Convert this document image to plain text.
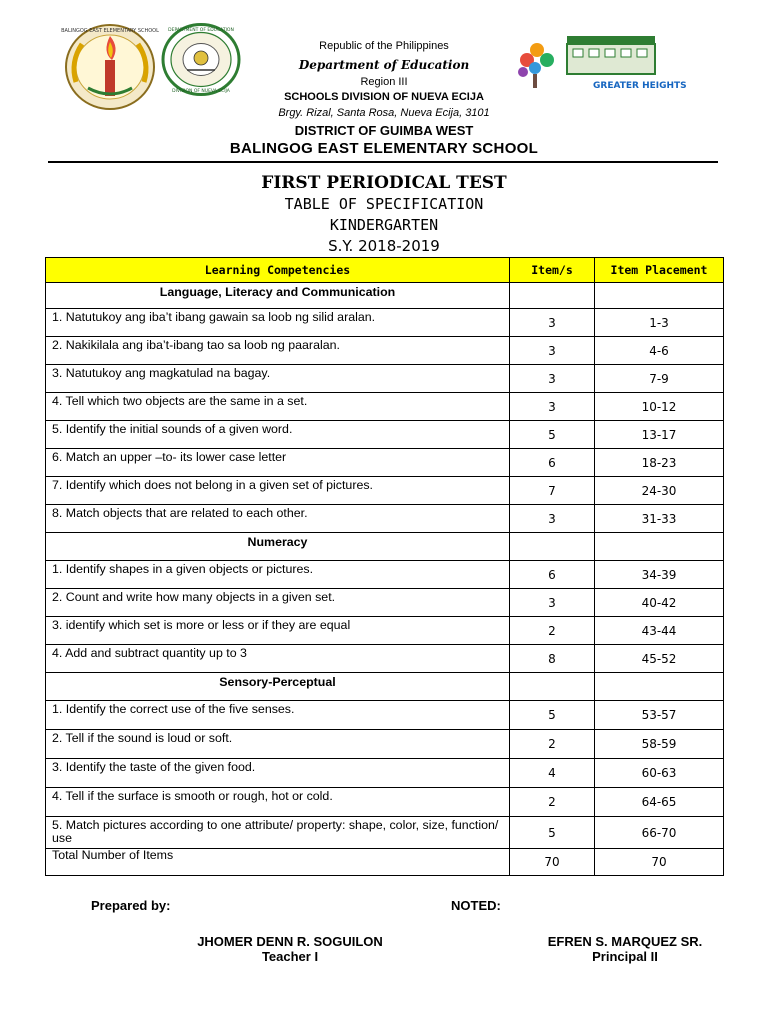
BALINGOG EAST ELEMENTARY SCHOOL DEPARTMENT OF EDUCATION
DIVISION OF NUEVA ECIJA
GREATER HEIGHTS
Republic of the Philippines
Department of Education
Region III
SCHOOLS DIVISION OF NUEVA ECIJA
Brgy. Rizal, Santa Rosa, Nueva Ecija, 3101
DISTRICT OF GUIMBA WEST
BALINGOG EAST ELEMENTARY SCHOOL
FIRST PERIODICAL TEST
TABLE OF SPECIFICATION
KINDERGARTEN
S.Y. 2018-2019
Learning Competencies	Item/s	Item Placement
Language, Literacy and Communication		
1. Natutukoy ang iba’t ibang gawain sa loob ng silid aralan.	3	1-3
2. Nakikilala ang iba’t-ibang tao sa loob ng paaralan.	3	4-6
3. Natutukoy ang magkatulad na bagay.	3	7-9
4. Tell which two objects are the same in a set.	3	10-12
5. Identify the initial sounds of a given word.	5	13-17
6. Match an upper –to- its lower case letter	6	18-23
7. Identify which does not belong in a given set of pictures.	7	24-30
8. Match objects that are related to each other.	3	31-33
Numeracy		
1. Identify shapes in a given objects or pictures.	6	34-39
2. Count and write how many objects in a given set.	3	40-42
3. identify which set is more or less or if they are equal	2	43-44
4. Add and subtract quantity up to 3	8	45-52
Sensory-Perceptual		
1. Identify the correct use of the five senses.	5	53-57
2. Tell if the sound is loud or soft.	2	58-59
3. Identify the taste of the given food.	4	60-63
4. Tell if the surface is smooth or rough, hot or cold.	2	64-65
5. Match pictures according to one attribute/ property: shape, color, size, function/ use	5	66-70
Total Number of Items	70	70
Prepared by:	NOTED:
JHOMER DENN R. SOGUILON
Teacher I
EFREN S. MARQUEZ SR.
Principal II
